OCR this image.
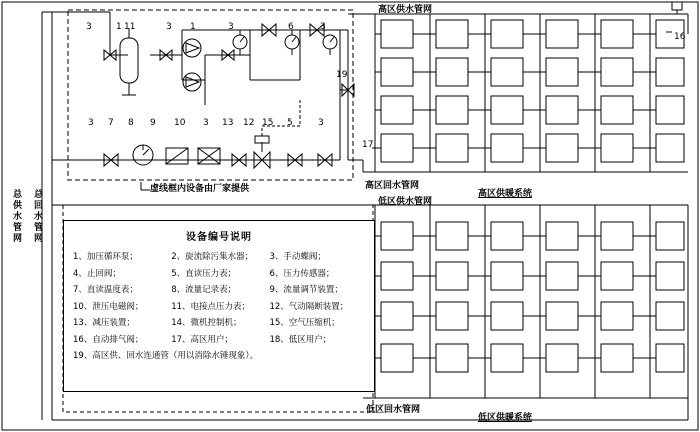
总供水管网
总回水管网
3	1 11	3 1	3	6	3
3 7 8 9 10 3 13 12 15 5	3
19
16
17
高区供水管网
高区回水管网
高区供暖系统
低区供水管网
低区回水管网
低区供暖系统
虚线框内设备由厂家提供
设备编号说明
1、加压循环泵；	2、旋流除污集水器；	3、手动蝶阀；
4、止回阀；	5、直读压力表；	6、压力传感器；
7、直读温度表；	8、流量记录表；	9、流量调节装置；
10、泄压电磁阀；	11、电接点压力表；	12、气动隔断装置；
13、减压装置；	14、微机控制机；	15、空气压缩机；
16、自动排气阀；	17、高区用户；	18、低区用户；
19、高区供、回水连通管（用以消除水锤现象）。
